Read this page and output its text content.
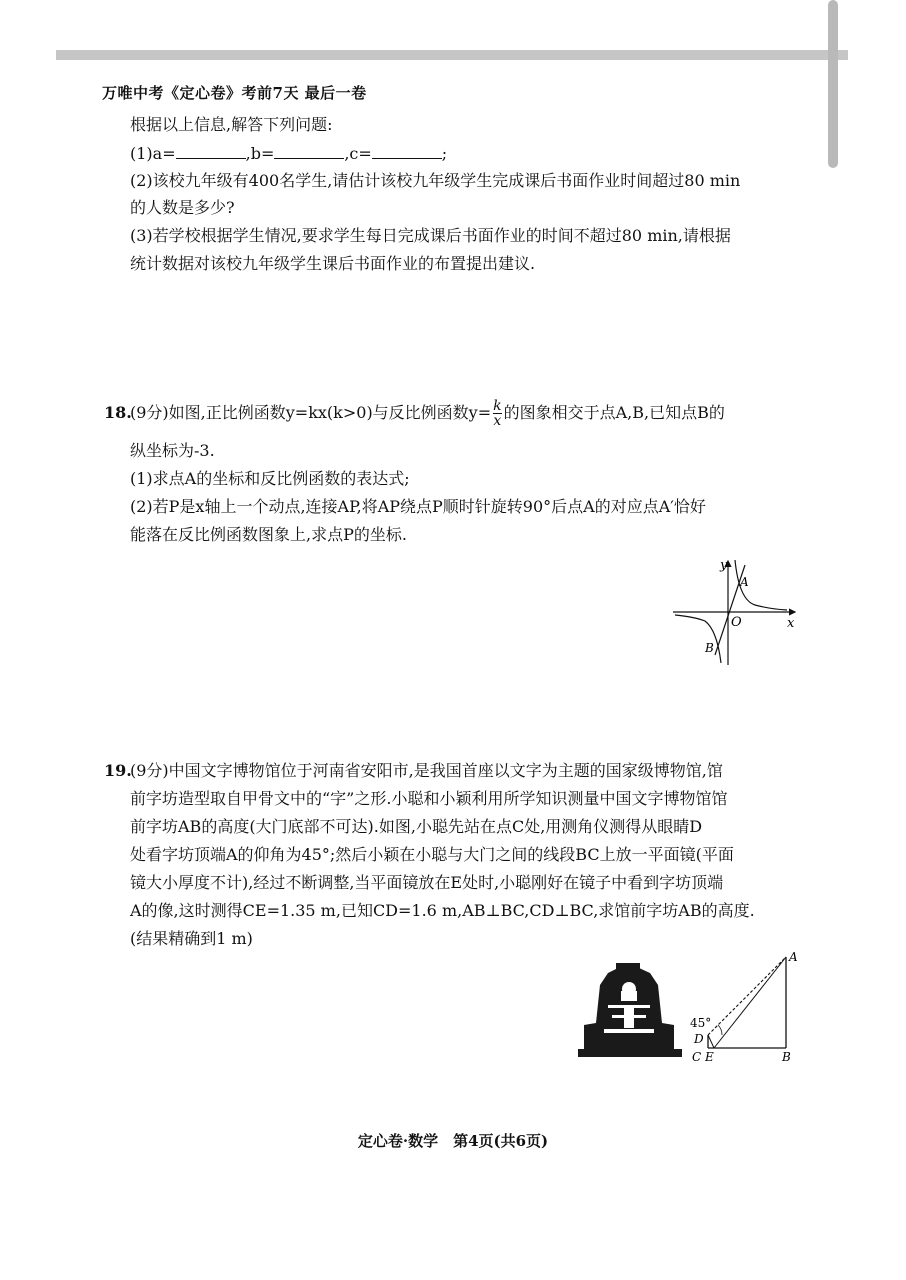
万唯中考《定心卷》考前7天 最后一卷
根据以上信息,解答下列问题:
(1)a=	,b=	,c=	;
(2)该校九年级有400名学生,请估计该校九年级学生完成课后书面作业时间超过80 min
的人数是多少?
(3)若学校根据学生情况,要求学生每日完成课后书面作业的时间不超过80 min,请根据
统计数据对该校九年级学生课后书面作业的布置提出建议.
18.
(9分)如图,正比例函数y=kx(k>0)与反比例函数$y= \frac{k}{x}$ 的图象相交于点A,B,已知点B的
纵坐标为-3.
(1)求点A的坐标和反比例函数的表达式;
(2)若P是x轴上一个动点,连接AP,将AP绕点P顺时针旋转90°后点A的对应点A′恰好
能落在反比例函数图象上,求点P的坐标.
y
x
O
A
B
19.
(9分)中国文字博物馆位于河南省安阳市,是我国首座以文字为主题的国家级博物馆,馆
前字坊造型取自甲骨文中的“字”之形.小聪和小颖利用所学知识测量中国文字博物馆馆
前字坊AB的高度(大门底部不可达).如图,小聪先站在点C处,用测角仪测得从眼睛D
处看字坊顶端A的仰角为45°;然后小颖在小聪与大门之间的线段BC上放一平面镜(平面
镜大小厚度不计),经过不断调整,当平面镜放在E处时,小聪刚好在镜子中看到字坊顶端
A的像,这时测得CE=1.35 m,已知CD=1.6 m,AB⊥BC,CD⊥BC,求馆前字坊AB的高度.
(结果精确到1 m)
45°
A
B
C
D
E
定心卷·数学　第4页(共6页)
